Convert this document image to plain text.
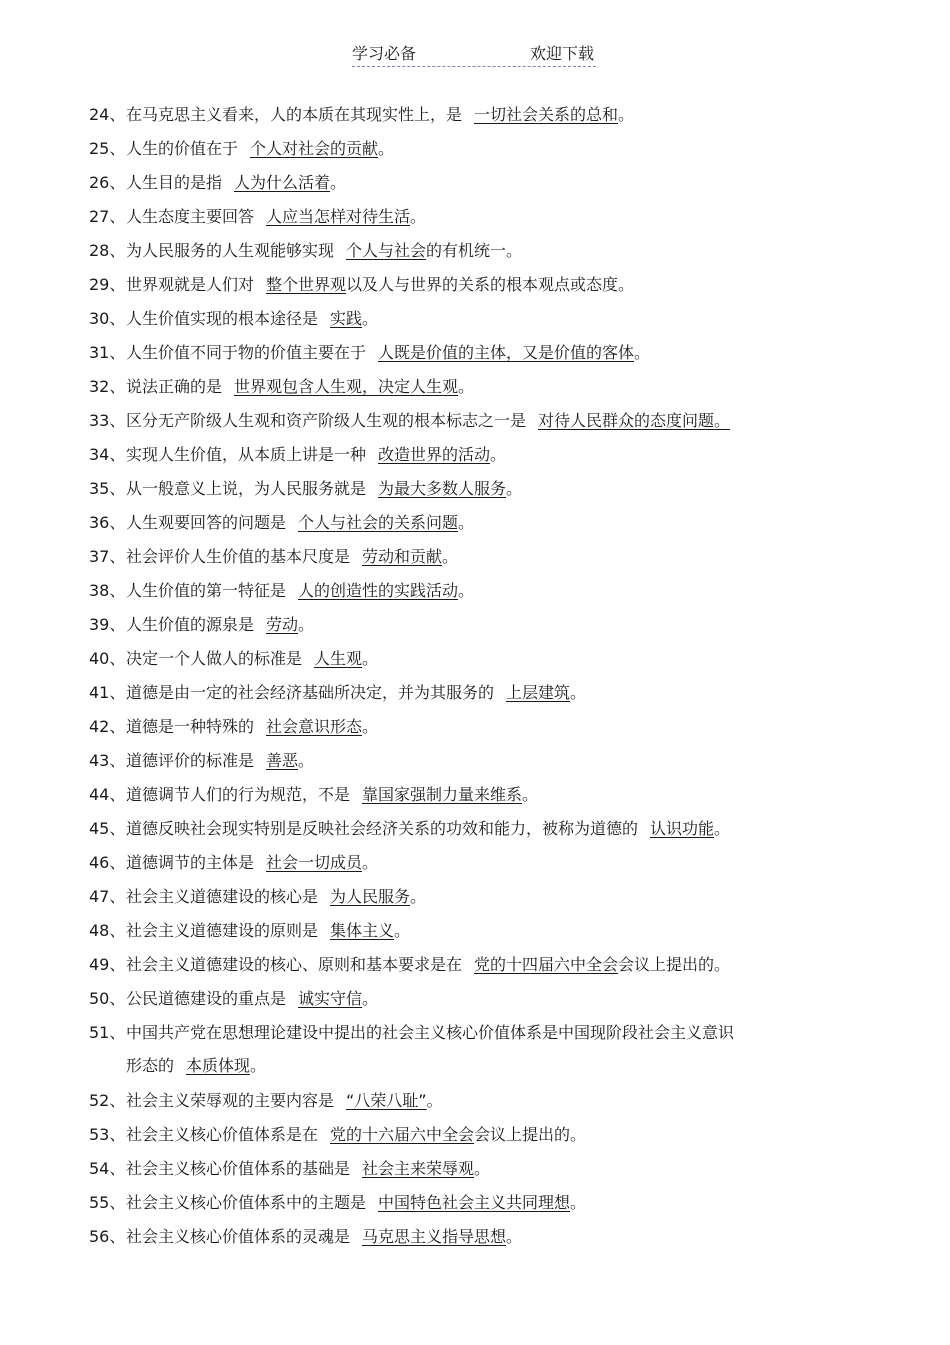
学习必备	欢迎下载
24、在马克思主义看来，人的本质在其现实性上，是 一切社会关系的总和。
25、人生的价值在于 个人对社会的贡献。
26、人生目的是指 人为什么活着。
27、人生态度主要回答 人应当怎样对待生活。
28、为人民服务的人生观能够实现 个人与社会的有机统一。
29、世界观就是人们对 整个世界观以及人与世界的关系的根本观点或态度。
30、人生价值实现的根本途径是 实践。
31、人生价值不同于物的价值主要在于 人既是价值的主体，又是价值的客体。
32、说法正确的是 世界观包含人生观，决定人生观。
33、区分无产阶级人生观和资产阶级人生观的根本标志之一是 对待人民群众的态度问题。
34、实现人生价值，从本质上讲是一种 改造世界的活动。
35、从一般意义上说，为人民服务就是 为最大多数人服务。
36、人生观要回答的问题是 个人与社会的关系问题。
37、社会评价人生价值的基本尺度是 劳动和贡献。
38、人生价值的第一特征是 人的创造性的实践活动。
39、人生价值的源泉是 劳动。
40、决定一个人做人的标准是 人生观。
41、道德是由一定的社会经济基础所决定，并为其服务的 上层建筑。
42、道德是一种特殊的 社会意识形态。
43、道德评价的标准是 善恶。
44、道德调节人们的行为规范，不是 靠国家强制力量来维系。
45、道德反映社会现实特别是反映社会经济关系的功效和能力，被称为道德的 认识功能。
46、道德调节的主体是 社会一切成员。
47、社会主义道德建设的核心是 为人民服务。
48、社会主义道德建设的原则是 集体主义。
49、社会主义道德建设的核心、原则和基本要求是在 党的十四届六中全会会议上提出的。
50、公民道德建设的重点是 诚实守信。
51、中国共产党在思想理论建设中提出的社会主义核心价值体系是中国现阶段社会主义意识
形态的 本质体现。
52、社会主义荣辱观的主要内容是 “八荣八耻”。
53、社会主义核心价值体系是在 党的十六届六中全会会议上提出的。
54、社会主义核心价值体系的基础是 社会主来荣辱观。
55、社会主义核心价值体系中的主题是 中国特色社会主义共同理想。
56、社会主义核心价值体系的灵魂是 马克思主义指导思想。
